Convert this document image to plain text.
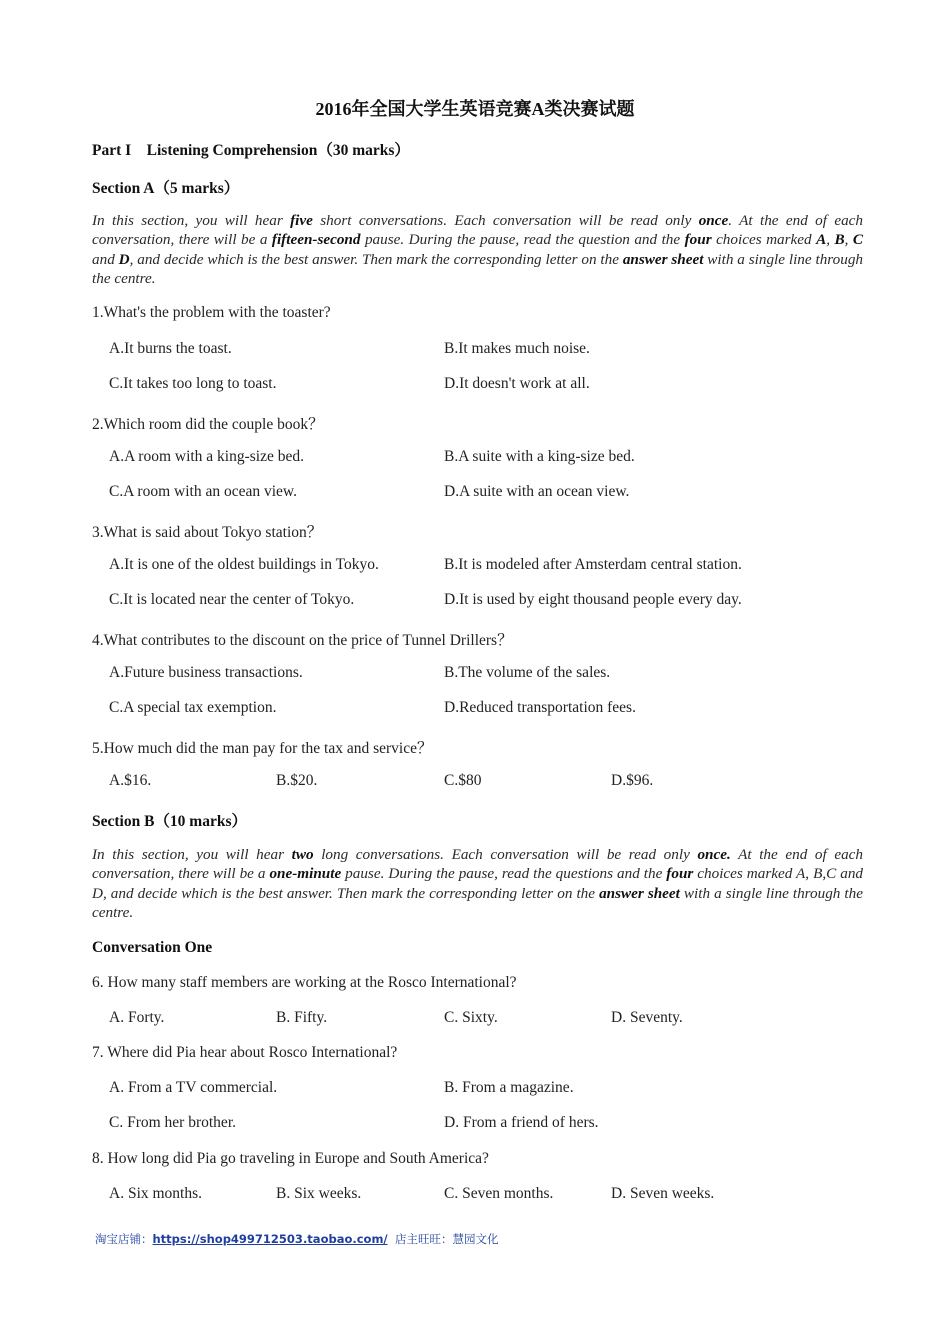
2016年全国大学生英语竞赛A类决赛试题
Part I    Listening Comprehension（30 marks）
Section A（5 marks）
In this section, you will hear five short conversations. Each conversation will be read only once. At the end of each conversation, there will be a fifteen-second pause. During the pause, read the question and the four choices marked A, B, C and D, and decide which is the best answer. Then mark the corresponding letter on the answer sheet with a single line through the centre.
1.What's the problem with the toaster?
A.It burns the toast.	B.It makes much noise.
C.It takes too long to toast.	D.It doesn't work at all.
2.Which room did the couple book？
A.A room with a king-size bed.	B.A suite with a king-size bed.
C.A room with an ocean view.	D.A suite with an ocean view.
3.What is said about Tokyo station？
A.It is one of the oldest buildings in Tokyo.	B.It is modeled after Amsterdam central station.
C.It is located near the center of Tokyo.	D.It is used by eight thousand people every day.
4.What contributes to the discount on the price of Tunnel Drillers？
A.Future business transactions.	B.The volume of the sales.
C.A special tax exemption.	D.Reduced transportation fees.
5.How much did the man pay for the tax and service？
A.$16.	B.$20.	C.$80	D.$96.
Section B（10 marks）
In this section, you will hear two long conversations. Each conversation will be read only once. At the end of each conversation, there will be a one-minute pause. During the pause, read the questions and the four choices marked A, B,C and D, and decide which is the best answer. Then mark the corresponding letter on the answer sheet with a single line through the centre.
Conversation One
6. How many staff members are working at the Rosco International?
A. Forty.	B. Fifty.	C. Sixty.	D. Seventy.
7. Where did Pia hear about Rosco International?
A. From a TV commercial.	B. From a magazine.
C. From her brother.	D. From a friend of hers.
8. How long did Pia go traveling in Europe and South America?
A. Six months.	B. Six weeks.	C. Seven months.	D. Seven weeks.
淘宝店铺：https://shop499712503.taobao.com/  店主旺旺：慧园文化
